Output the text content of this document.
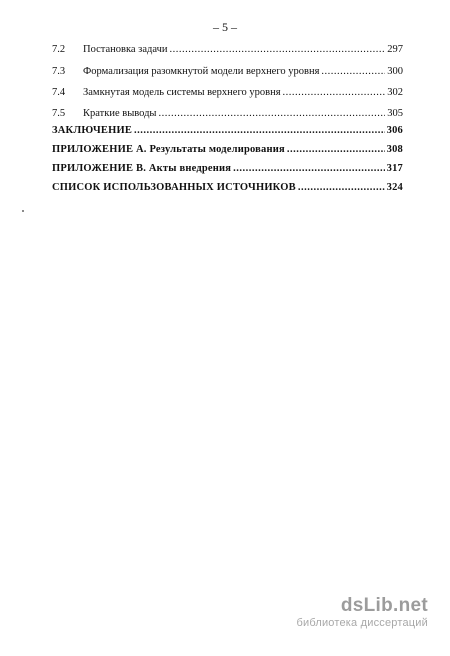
– 5 –
7.2	Постановка задачи .....	297
7.3	Формализация разомкнутой модели верхнего уровня .....	300
7.4	Замкнутая модель системы верхнего уровня .....	302
7.5	Краткие выводы .....	305
ЗАКЛЮЧЕНИЕ .....	306
ПРИЛОЖЕНИЕ А. Результаты моделирования .....	308
ПРИЛОЖЕНИЕ В. Акты внедрения .....	317
СПИСОК ИСПОЛЬЗОВАННЫХ ИСТОЧНИКОВ .....	324
dsLib.net
библиотека диссертаций
